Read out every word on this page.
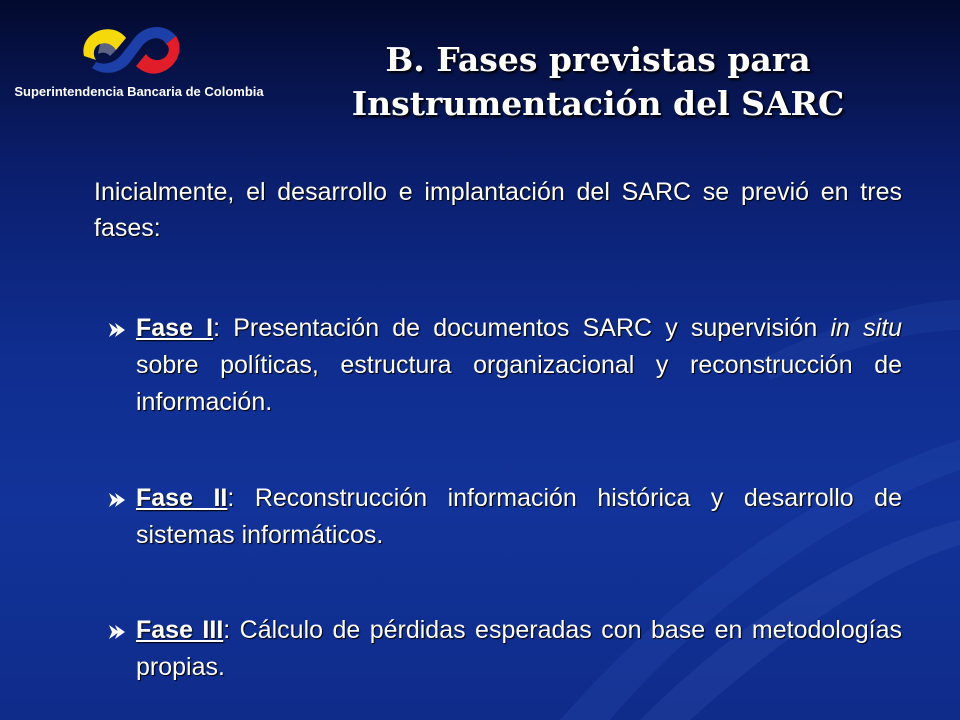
Superintendencia Bancaria de Colombia
B. Fases previstas para
Instrumentación del SARC

Inicialmente, el desarrollo e implantación del SARC se previó en tres fases:

Fase I: Presentación de documentos SARC y supervisión in situ sobre políticas, estructura organizacional y reconstrucción de información.
Fase II: Reconstrucción información histórica y desarrollo de sistemas informáticos.
Fase III: Cálculo de pérdidas esperadas con base en metodologías propias.
